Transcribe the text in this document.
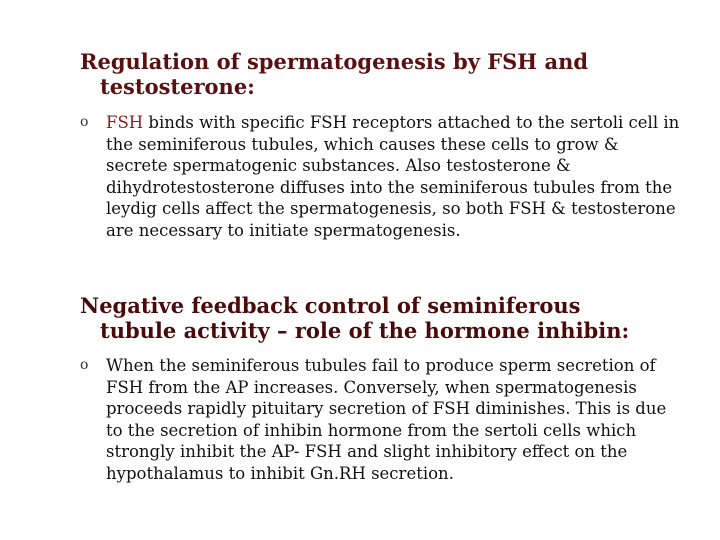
Regulation of spermatogenesis by FSH and
testosterone:
o	FSH binds with specific FSH receptors attached to the sertoli cell in the seminiferous tubules, which causes these cells to grow & secrete spermatogenic substances. Also testosterone & dihydrotestosterone diffuses into the seminiferous tubules from the leydig cells affect the spermatogenesis, so both FSH & testosterone are necessary to initiate spermatogenesis.
Negative feedback control of seminiferous
tubule activity – role of the hormone inhibin:
o	When the seminiferous tubules fail to produce sperm secretion of FSH from the AP increases. Conversely, when spermatogenesis proceeds rapidly pituitary secretion of FSH diminishes. This is due to the secretion of inhibin hormone from the sertoli cells which strongly inhibit the AP- FSH and slight inhibitory effect on the hypothalamus to inhibit Gn.RH secretion.
